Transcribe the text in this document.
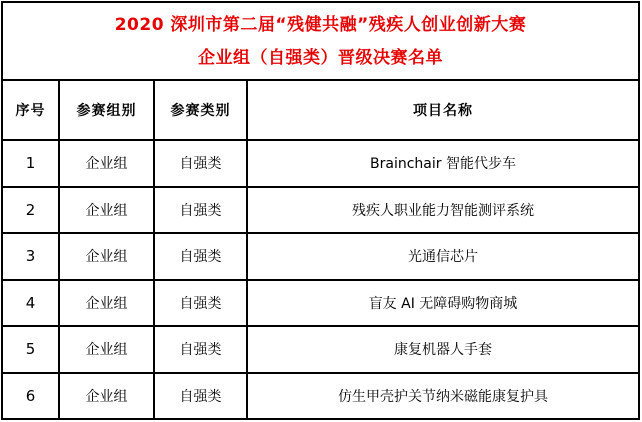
2020 深圳市第二届“残健共融”残疾人创业创新大赛
企业组（自强类）晋级决赛名单			

序号	参赛组别	参赛类别	项目名称
1	企业组	自强类	Brainchair 智能代步车
2	企业组	自强类	残疾人职业能力智能测评系统
3	企业组	自强类	光通信芯片
4	企业组	自强类	盲友 AI 无障碍购物商城
5	企业组	自强类	康复机器人手套
6	企业组	自强类	仿生甲壳护关节纳米磁能康复护具
